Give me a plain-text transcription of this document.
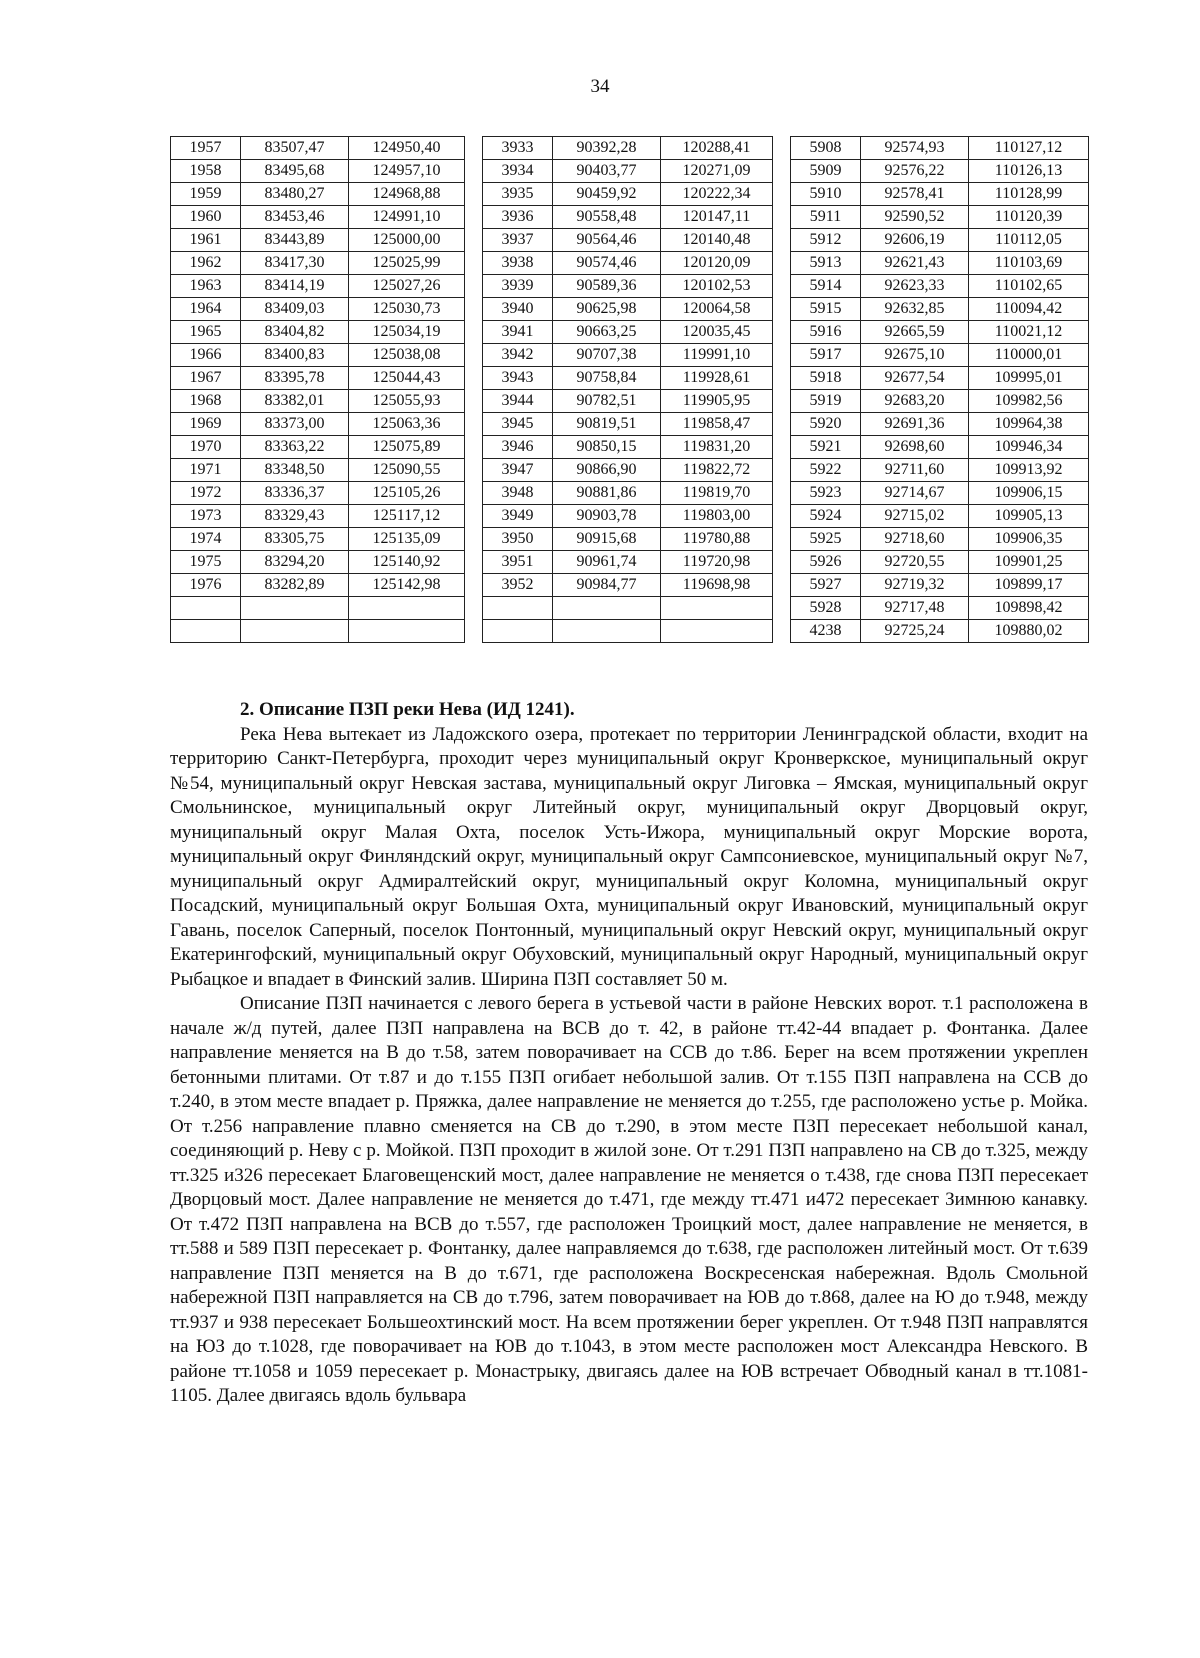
34
1957	83507,47	124950,40		3933	90392,28	120288,41		5908	92574,93	110127,12
1958	83495,68	124957,10		3934	90403,77	120271,09		5909	92576,22	110126,13
1959	83480,27	124968,88		3935	90459,92	120222,34		5910	92578,41	110128,99
1960	83453,46	124991,10		3936	90558,48	120147,11		5911	92590,52	110120,39
1961	83443,89	125000,00		3937	90564,46	120140,48		5912	92606,19	110112,05
1962	83417,30	125025,99		3938	90574,46	120120,09		5913	92621,43	110103,69
1963	83414,19	125027,26		3939	90589,36	120102,53		5914	92623,33	110102,65
1964	83409,03	125030,73		3940	90625,98	120064,58		5915	92632,85	110094,42
1965	83404,82	125034,19		3941	90663,25	120035,45		5916	92665,59	110021,12
1966	83400,83	125038,08		3942	90707,38	119991,10		5917	92675,10	110000,01
1967	83395,78	125044,43		3943	90758,84	119928,61		5918	92677,54	109995,01
1968	83382,01	125055,93		3944	90782,51	119905,95		5919	92683,20	109982,56
1969	83373,00	125063,36		3945	90819,51	119858,47		5920	92691,36	109964,38
1970	83363,22	125075,89		3946	90850,15	119831,20		5921	92698,60	109946,34
1971	83348,50	125090,55		3947	90866,90	119822,72		5922	92711,60	109913,92
1972	83336,37	125105,26		3948	90881,86	119819,70		5923	92714,67	109906,15
1973	83329,43	125117,12		3949	90903,78	119803,00		5924	92715,02	109905,13
1974	83305,75	125135,09		3950	90915,68	119780,88		5925	92718,60	109906,35
1975	83294,20	125140,92		3951	90961,74	119720,98		5926	92720,55	109901,25
1976	83282,89	125142,98		3952	90984,77	119698,98		5927	92719,32	109899,17
								5928	92717,48	109898,42
								4238	92725,24	109880,02

2. Описание ПЗП реки Нева (ИД 1241).

Река Нева вытекает из Ладожского озера, протекает по территории Ленинградской области, входит на территорию Санкт-Петербурга, проходит через муниципальный округ Кронверкское, муниципальный округ №54, муниципальный округ Невская застава, муниципальный округ Лиговка – Ямская, муниципальный округ Смольнинское, муниципальный округ Литейный округ, муниципальный округ Дворцовый округ, муниципальный округ Малая Охта, поселок Усть-Ижора, муниципальный округ Морские ворота, муниципальный округ Финляндский округ, муниципальный округ Сампсониевское, муниципальный округ №7, муниципальный округ Адмиралтейский округ, муниципальный округ Коломна, муниципальный округ Посадский, муниципальный округ Большая Охта, муниципальный округ Ивановский, муниципальный округ Гавань, поселок Саперный, поселок Понтонный, муниципальный округ Невский округ, муниципальный округ Екатерингофский, муниципальный округ Обуховский, муниципальный округ Народный, муниципальный округ Рыбацкое и впадает в Финский залив. Ширина ПЗП составляет 50 м.

Описание ПЗП начинается с левого берега в устьевой части в районе Невских ворот. т.1 расположена в начале ж/д путей, далее ПЗП направлена на ВСВ до т. 42, в районе тт.42-44 впадает р. Фонтанка. Далее направление меняется на В до т.58, затем поворачивает на ССВ до т.86. Берег на всем протяжении укреплен бетонными плитами. От т.87 и до т.155 ПЗП огибает небольшой залив. От т.155 ПЗП направлена на ССВ до т.240, в этом месте впадает р. Пряжка, далее направление не меняется до т.255, где расположено устье р. Мойка. От т.256 направление плавно сменяется на СВ до т.290, в этом месте ПЗП пересекает небольшой канал, соединяющий р. Неву с р. Мойкой. ПЗП проходит в жилой зоне. От т.291 ПЗП направлено на СВ до т.325, между тт.325 и326 пересекает Благовещенский мост, далее направление не меняется о т.438, где снова ПЗП пересекает Дворцовый мост. Далее направление не меняется до т.471, где между тт.471 и472 пересекает Зимнюю канавку. От т.472 ПЗП направлена на ВСВ до т.557, где расположен Троицкий мост, далее направление не меняется, в тт.588 и 589 ПЗП пересекает р. Фонтанку, далее направляемся до т.638, где расположен литейный мост. От т.639 направление ПЗП меняется на В до т.671, где расположена Воскресенская набережная. Вдоль Смольной набережной ПЗП направляется на СВ до т.796, затем поворачивает на ЮВ до т.868, далее на Ю до т.948, между тт.937 и 938 пересекает Большеохтинский мост. На всем протяжении берег укреплен. От т.948 ПЗП направлятся на ЮЗ до т.1028, где поворачивает на ЮВ до т.1043, в этом месте расположен мост Александра Невского. В районе тт.1058 и 1059 пересекает р. Монастрыку, двигаясь далее на ЮВ встречает Обводный канал в тт.1081-1105. Далее двигаясь вдоль бульвара
